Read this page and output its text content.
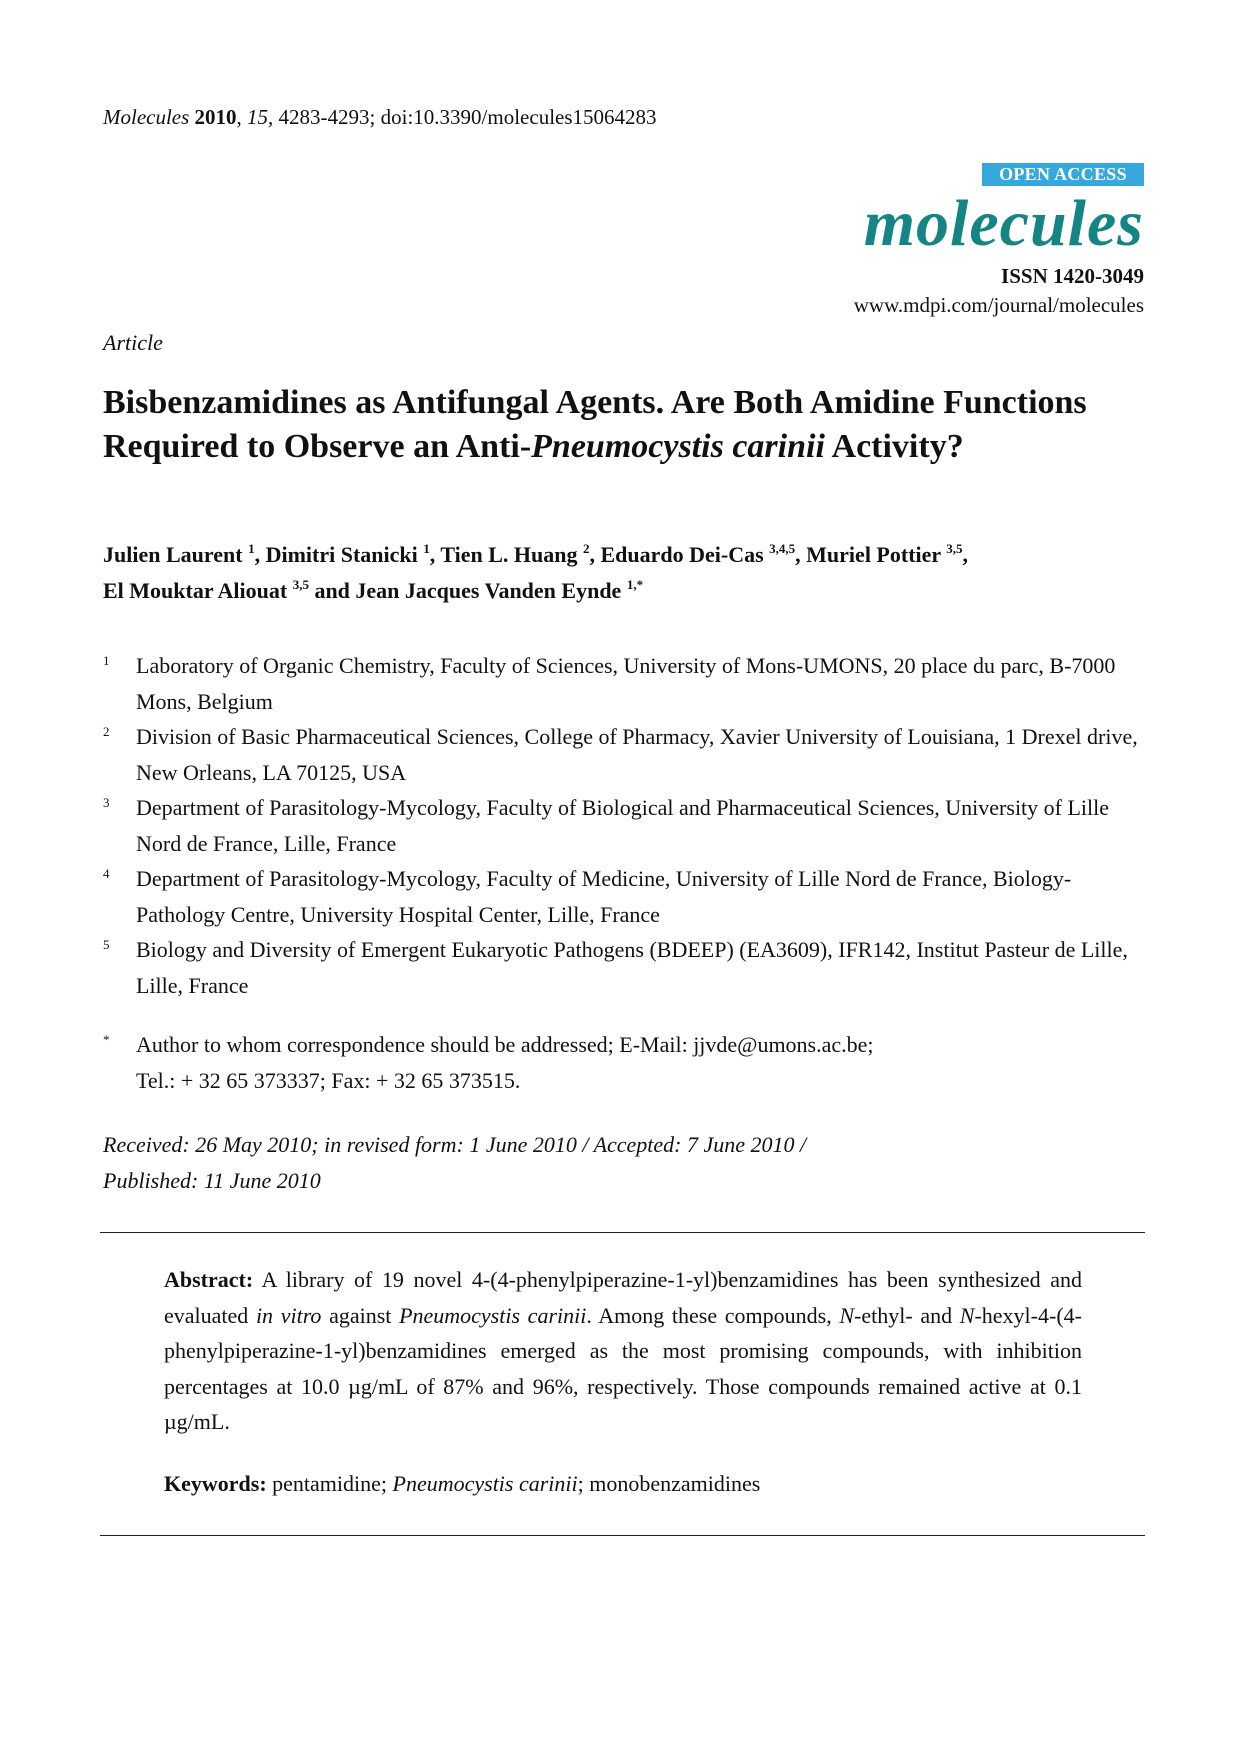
Molecules 2010, 15, 4283-4293; doi:10.3390/molecules15064283
OPEN ACCESS
molecules
ISSN 1420-3049
www.mdpi.com/journal/molecules
Article
Bisbenzamidines as Antifungal Agents. Are Both Amidine Functions Required to Observe an Anti-Pneumocystis carinii Activity?
Julien Laurent $^1$, Dimitri Stanicki $^1$, Tien L. Huang $^2$, Eduardo Dei-Cas $^{3,4,5}$, Muriel Pottier $^{3,5}$,
El Mouktar Aliouat $^{3,5}$ and Jean Jacques Vanden Eynde $^{1,*}$
1	Laboratory of Organic Chemistry, Faculty of Sciences, University of Mons-UMONS, 20 place du parc, B-7000 Mons, Belgium
2	Division of Basic Pharmaceutical Sciences, College of Pharmacy, Xavier University of Louisiana, 1 Drexel drive, New Orleans, LA 70125, USA
3	Department of Parasitology-Mycology, Faculty of Biological and Pharmaceutical Sciences, University of Lille Nord de France, Lille, France
4	Department of Parasitology-Mycology, Faculty of Medicine, University of Lille Nord de France, Biology-Pathology Centre, University Hospital Center, Lille, France
5	Biology and Diversity of Emergent Eukaryotic Pathogens (BDEEP) (EA3609), IFR142, Institut Pasteur de Lille, Lille, France
*	Author to whom correspondence should be addressed; E-Mail: jjvde@umons.ac.be;
Tel.: + 32 65 373337; Fax: + 32 65 373515.
Received: 26 May 2010; in revised form: 1 June 2010 / Accepted: 7 June 2010 /
Published: 11 June 2010

Abstract: A library of 19 novel 4-(4-phenylpiperazine-1-yl)benzamidines has been synthesized and evaluated in vitro against Pneumocystis carinii. Among these compounds, N-ethyl- and N-hexyl-4-(4-phenylpiperazine-1-yl)benzamidines emerged as the most promising compounds, with inhibition percentages at 10.0 µg/mL of 87% and 96%, respectively. Those compounds remained active at 0.1 µg/mL.

Keywords: pentamidine; Pneumocystis carinii; monobenzamidines
